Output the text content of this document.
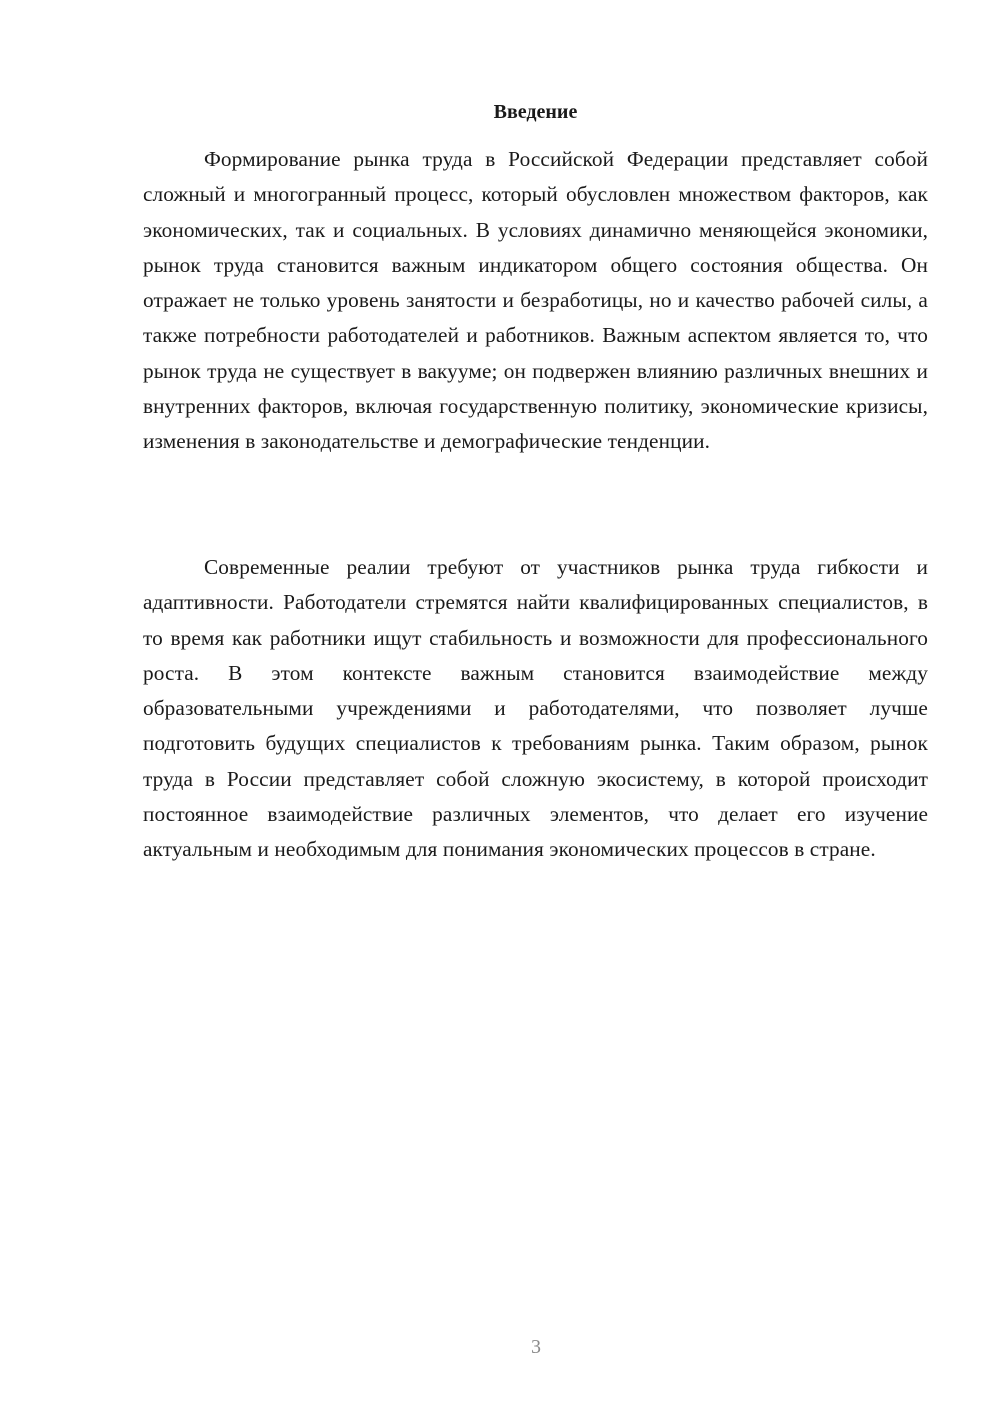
Введение

Формирование рынка труда в Российской Федерации представляет собой сложный и многогранный процесс, который обусловлен множеством факторов, как экономических, так и социальных. В условиях динамично меняющейся экономики, рынок труда становится важным индикатором общего состояния общества. Он отражает не только уровень занятости и безработицы, но и качество рабочей силы, а также потребности работодателей и работников. Важным аспектом является то, что рынок труда не существует в вакууме; он подвержен влиянию различных внешних и внутренних факторов, включая государственную политику, экономические кризисы, изменения в законодательстве и демографические тенденции.

Современные реалии требуют от участников рынка труда гибкости и адаптивности. Работодатели стремятся найти квалифицированных специалистов, в то время как работники ищут стабильность и возможности для профессионального роста. В этом контексте важным становится взаимодействие между образовательными учреждениями и работодателями, что позволяет лучше подготовить будущих специалистов к требованиям рынка. Таким образом, рынок труда в России представляет собой сложную экосистему, в которой происходит постоянное взаимодействие различных элементов, что делает его изучение актуальным и необходимым для понимания экономических процессов в стране.

3
